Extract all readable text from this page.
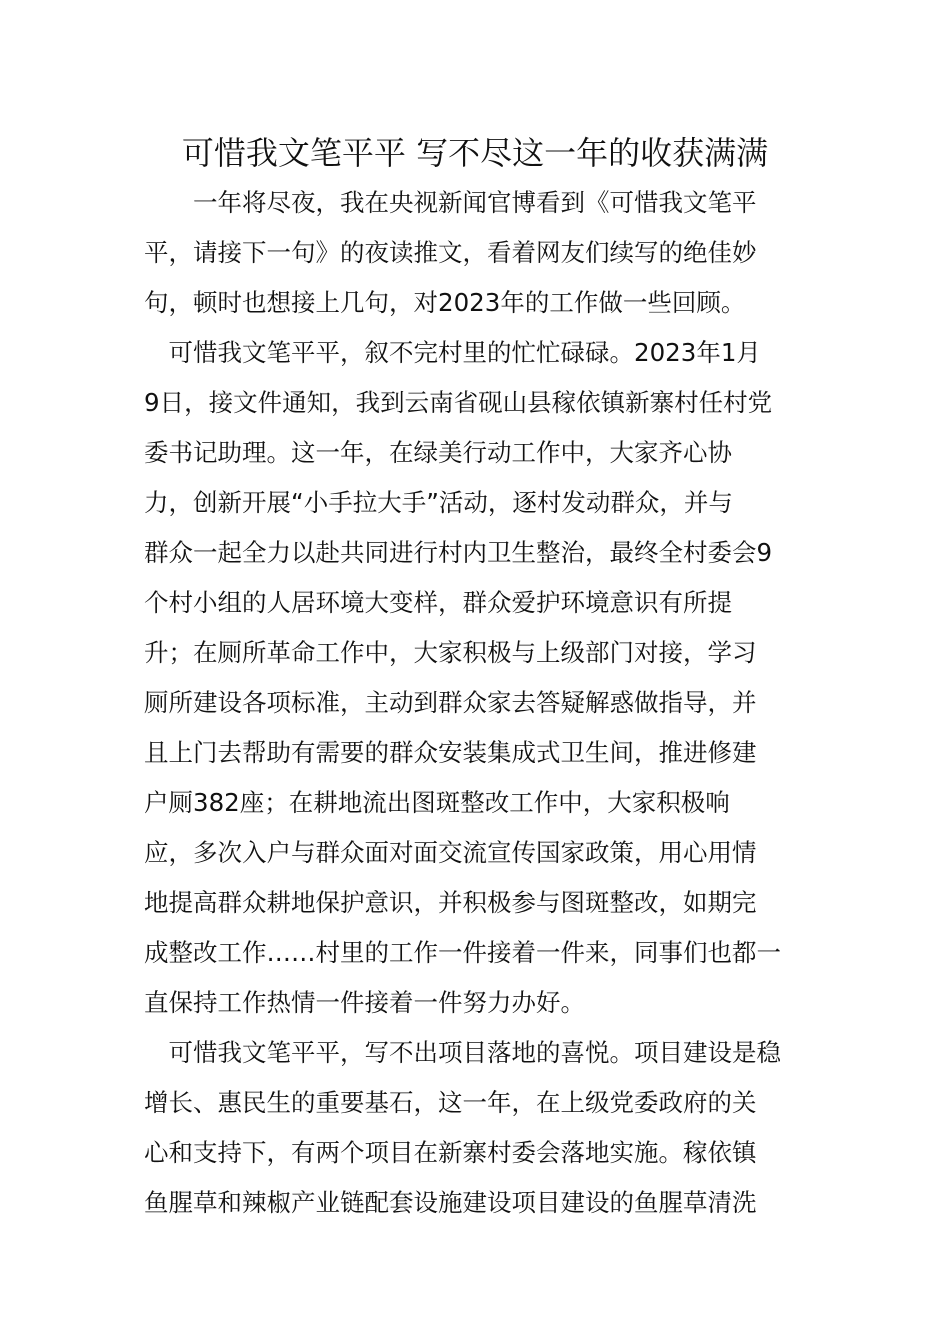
可惜我文笔平平 写不尽这一年的收获满满
　　一年将尽夜，我在央视新闻官博看到《可惜我文笔平
平，请接下一句》的夜读推文，看着网友们续写的绝佳妙
句，顿时也想接上几句，对2023年的工作做一些回顾。
　可惜我文笔平平，叙不完村里的忙忙碌碌。2023年1月
9日，接文件通知，我到云南省砚山县稼依镇新寨村任村党
委书记助理。这一年，在绿美行动工作中，大家齐心协
力，创新开展“小手拉大手”活动，逐村发动群众，并与
群众一起全力以赴共同进行村内卫生整治，最终全村委会9
个村小组的人居环境大变样，群众爱护环境意识有所提
升；在厕所革命工作中，大家积极与上级部门对接，学习
厕所建设各项标准，主动到群众家去答疑解惑做指导，并
且上门去帮助有需要的群众安装集成式卫生间，推进修建
户厕382座；在耕地流出图斑整改工作中，大家积极响
应，多次入户与群众面对面交流宣传国家政策，用心用情
地提高群众耕地保护意识，并积极参与图斑整改，如期完
成整改工作……村里的工作一件接着一件来，同事们也都一
直保持工作热情一件接着一件努力办好。
　可惜我文笔平平，写不出项目落地的喜悦。项目建设是稳
增长、惠民生的重要基石，这一年，在上级党委政府的关
心和支持下，有两个项目在新寨村委会落地实施。稼依镇
鱼腥草和辣椒产业链配套设施建设项目建设的鱼腥草清洗
